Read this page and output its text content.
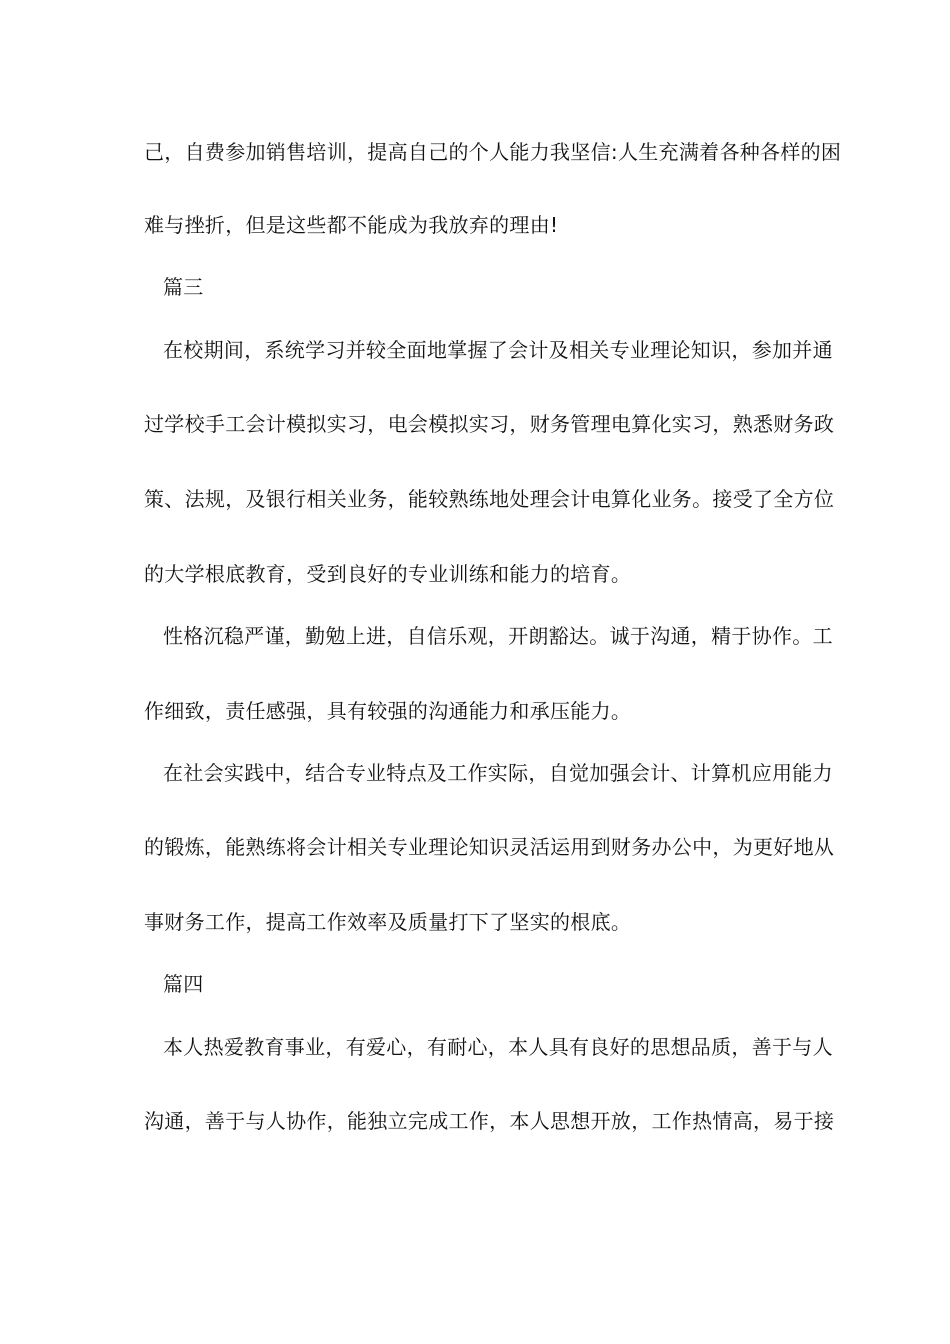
己，自费参加销售培训，提高自己的个人能力我坚信:人生充满着各种各样的困
难与挫折，但是这些都不能成为我放弃的理由!
篇三
在校期间，系统学习并较全面地掌握了会计及相关专业理论知识，参加并通
过学校手工会计模拟实习，电会模拟实习，财务管理电算化实习，熟悉财务政
策、法规，及银行相关业务，能较熟练地处理会计电算化业务。接受了全方位
的大学根底教育，受到良好的专业训练和能力的培育。
性格沉稳严谨，勤勉上进，自信乐观，开朗豁达。诚于沟通，精于协作。工
作细致，责任感强，具有较强的沟通能力和承压能力。
在社会实践中，结合专业特点及工作实际，自觉加强会计、计算机应用能力
的锻炼，能熟练将会计相关专业理论知识灵活运用到财务办公中，为更好地从
事财务工作，提高工作效率及质量打下了坚实的根底。
篇四
本人热爱教育事业，有爱心，有耐心，本人具有良好的思想品质，善于与人
沟通，善于与人协作，能独立完成工作，本人思想开放，工作热情高，易于接
